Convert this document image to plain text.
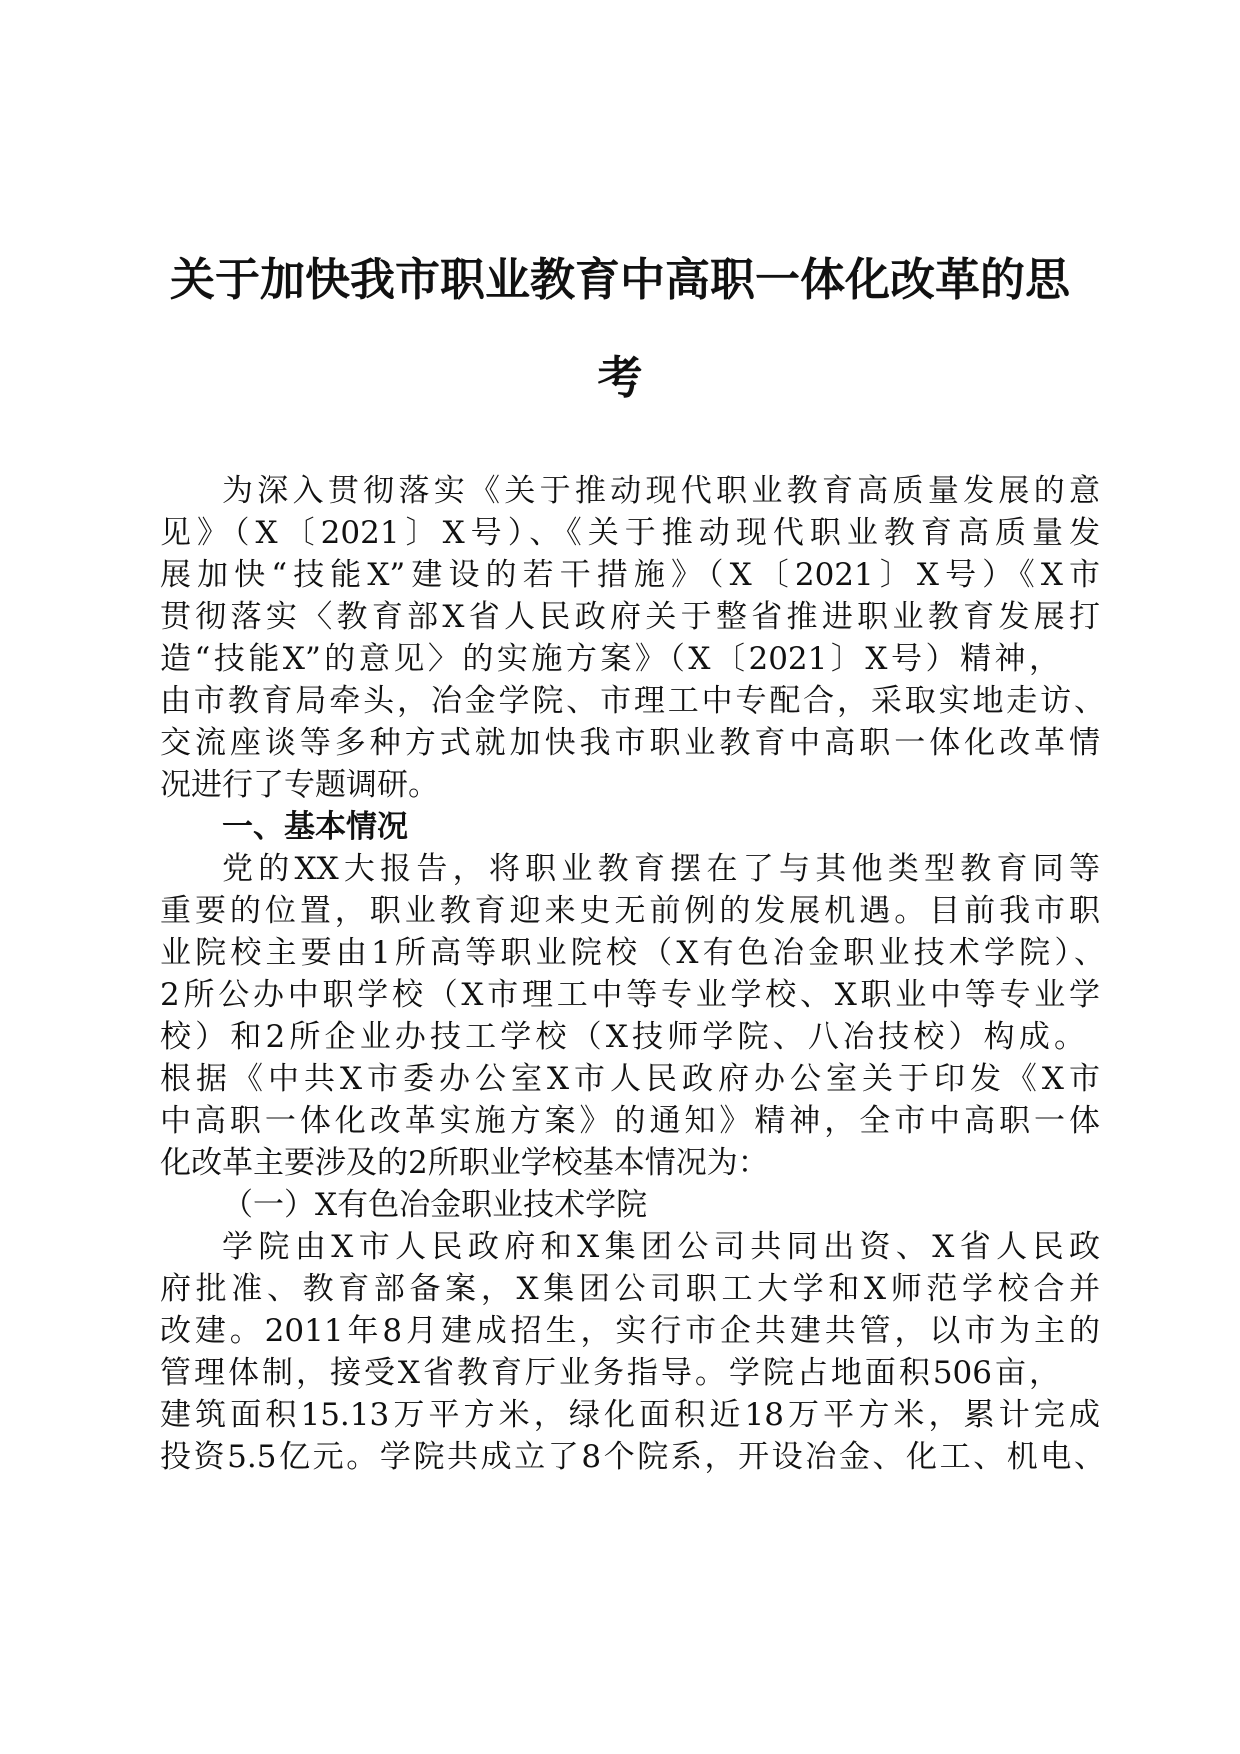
关于加快我市职业教育中高职一体化改革的思
考
为深入贯彻落实《关于推动现代职业教育高质量发展的意
见》（X〔2021〕X号）、《关于推动现代职业教育高质量发
展加快“技能X”建设的若干措施》（X〔2021〕X号）《X市
贯彻落实〈教育部X省人民政府关于整省推进职业教育发展打
造“技能X”的意见〉的实施方案》（X〔2021〕X号）精神，
由市教育局牵头，冶金学院、市理工中专配合，采取实地走访、
交流座谈等多种方式就加快我市职业教育中高职一体化改革情
况进行了专题调研。
一、基本情况
党的XX大报告，将职业教育摆在了与其他类型教育同等
重要的位置，职业教育迎来史无前例的发展机遇。目前我市职
业院校主要由1所高等职业院校（X有色冶金职业技术学院）、
2所公办中职学校（X市理工中等专业学校、X职业中等专业学
校）和2所企业办技工学校（X技师学院、八冶技校）构成。
根据《中共X市委办公室X市人民政府办公室关于印发《X市
中高职一体化改革实施方案》的通知》精神，全市中高职一体
化改革主要涉及的2所职业学校基本情况为：
（一）X有色冶金职业技术学院
学院由X市人民政府和X集团公司共同出资、X省人民政
府批准、教育部备案，X集团公司职工大学和X师范学校合并
改建。2011年8月建成招生，实行市企共建共管，以市为主的
管理体制，接受X省教育厅业务指导。学院占地面积506亩，
建筑面积15.13万平方米，绿化面积近18万平方米，累计完成
投资5.5亿元。学院共成立了8个院系，开设冶金、化工、机电、
